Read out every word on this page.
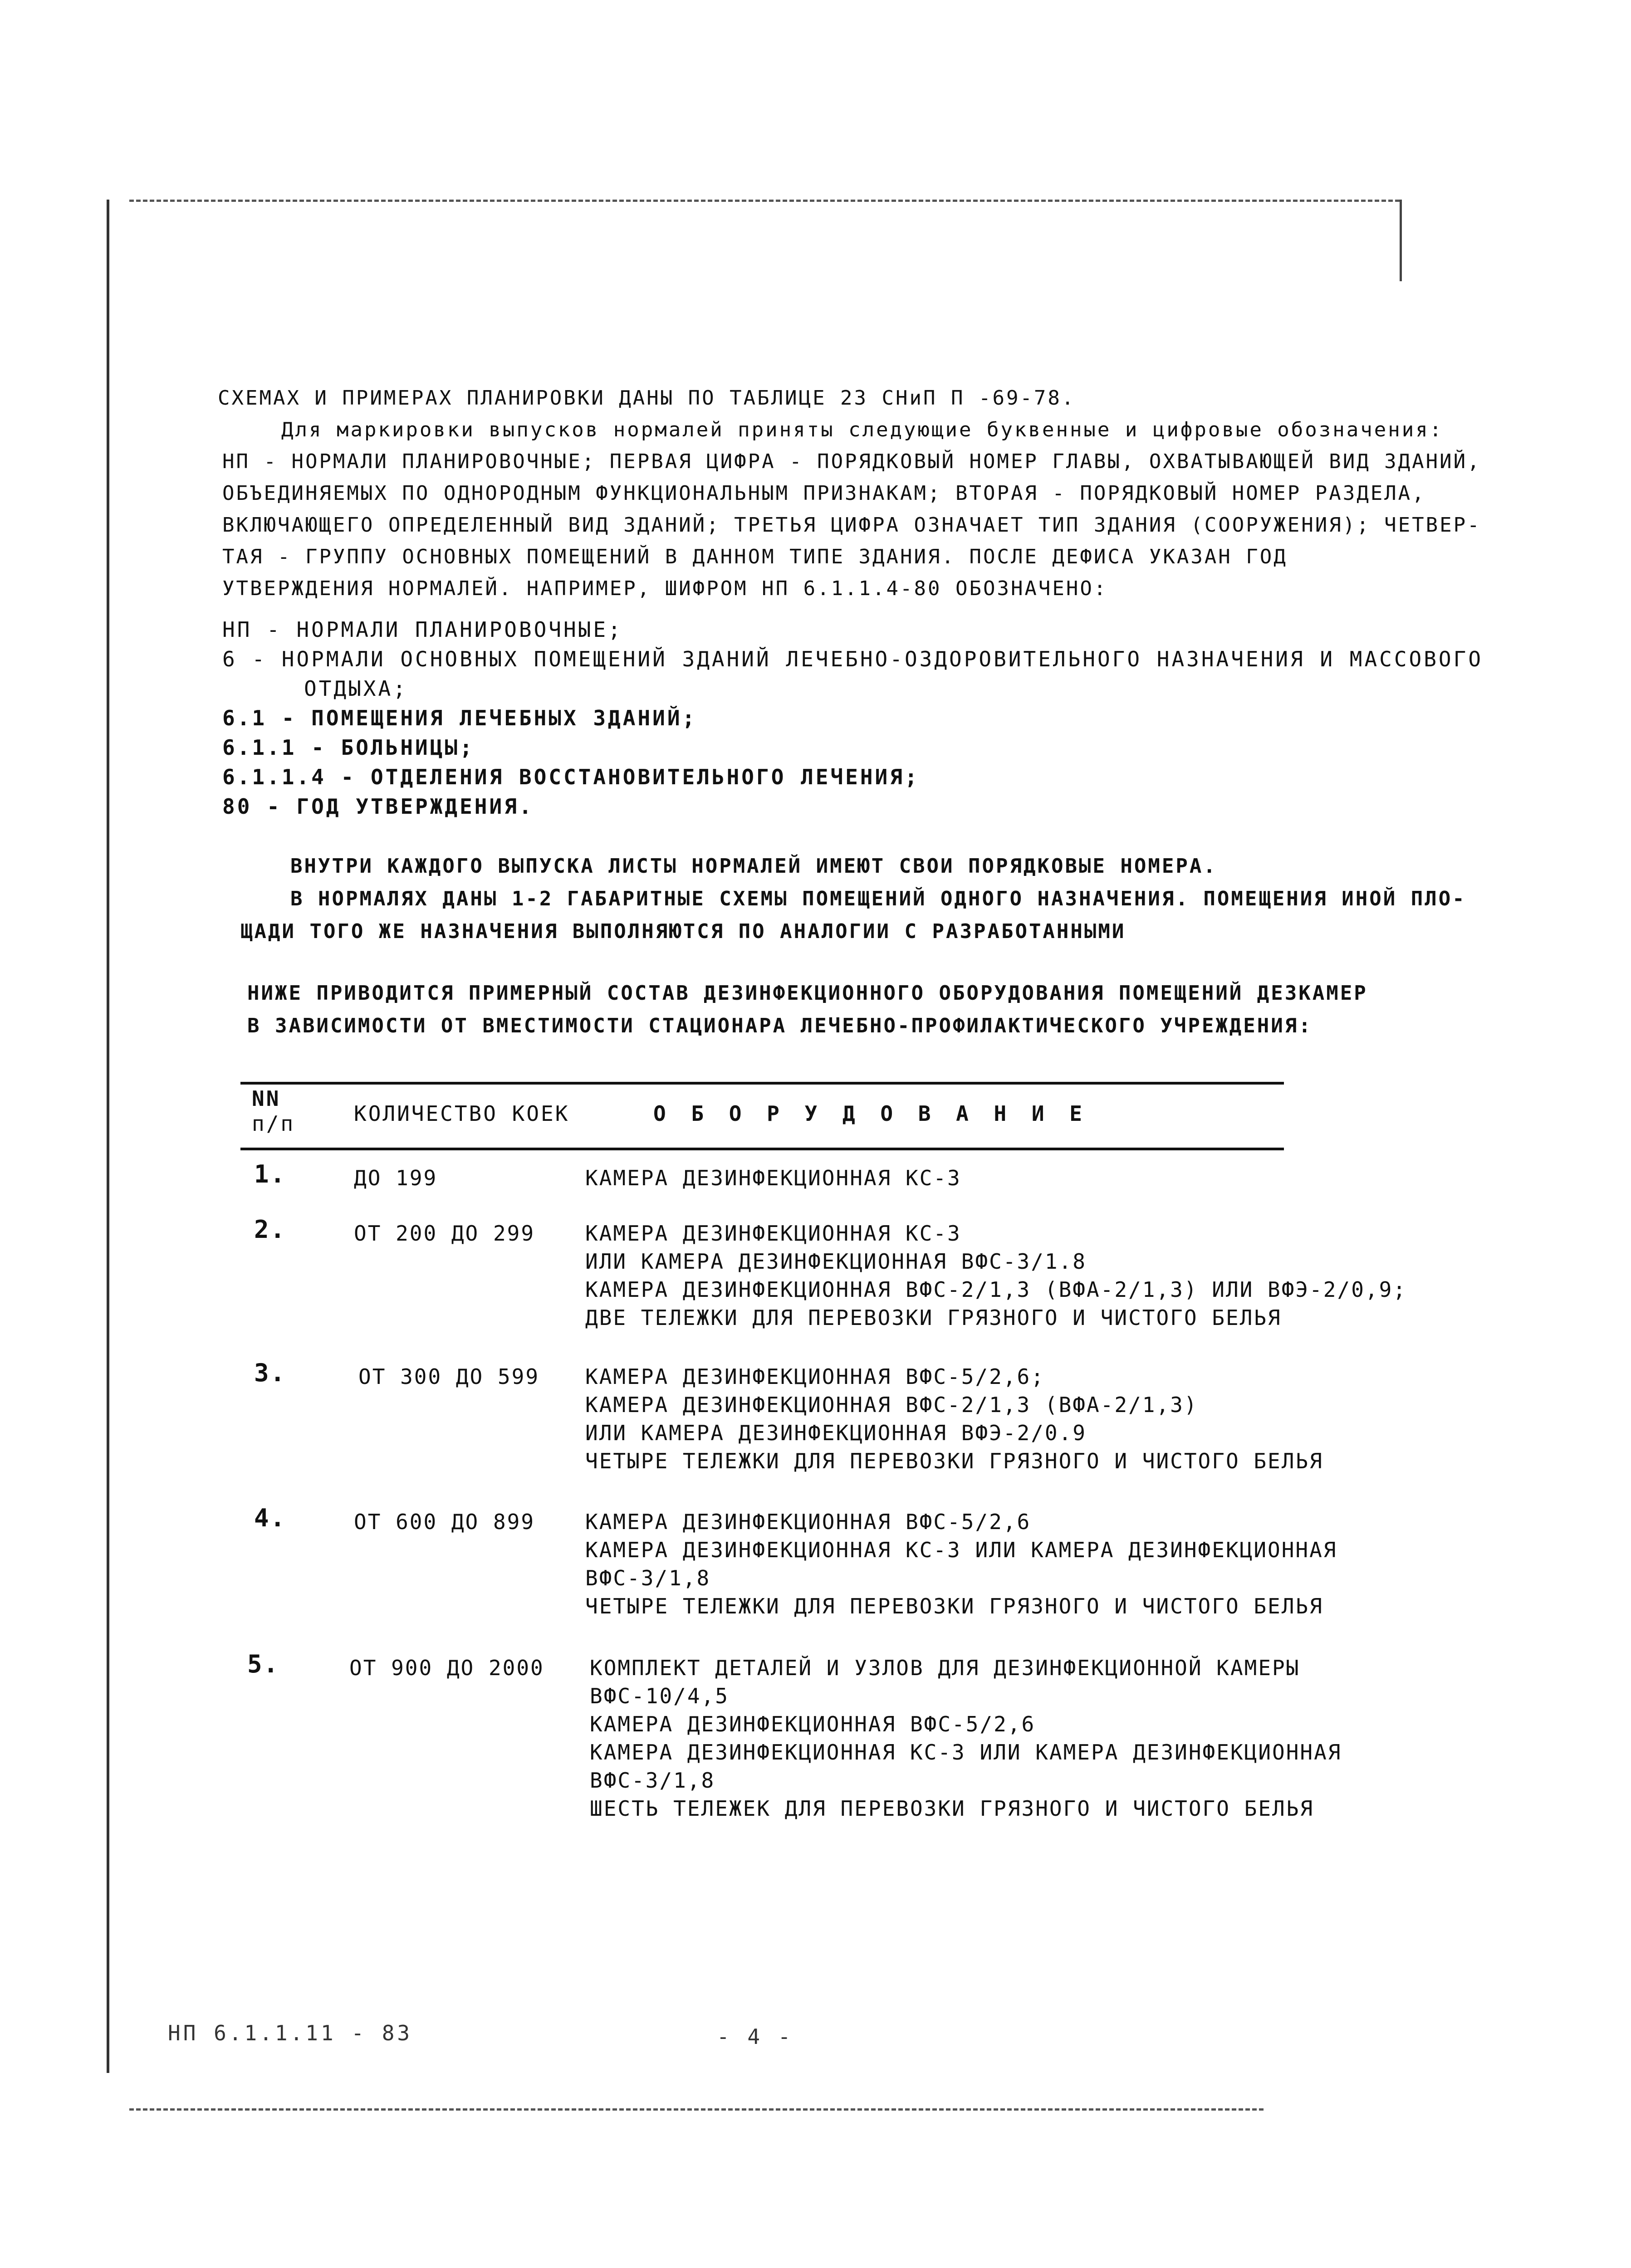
СХЕМАХ И ПРИМЕРАХ ПЛАНИРОВКИ ДАНЫ ПО ТАБЛИЦЕ 23 СНиП П -69-78.
Для маркировки выпусков нормалей приняты следующие буквенные и цифровые обозначения:
НП - НОРМАЛИ ПЛАНИРОВОЧНЫЕ; ПЕРВАЯ ЦИФРА - ПОРЯДКОВЫЙ НОМЕР ГЛАВЫ, ОХВАТЫВАЮЩЕЙ ВИД ЗДАНИЙ,
ОБЪЕДИНЯЕМЫХ ПО ОДНОРОДНЫМ ФУНКЦИОНАЛЬНЫМ ПРИЗНАКАМ; ВТОРАЯ - ПОРЯДКОВЫЙ НОМЕР РАЗДЕЛА,
ВКЛЮЧАЮЩЕГО ОПРЕДЕЛЕННЫЙ ВИД ЗДАНИЙ; ТРЕТЬЯ ЦИФРА ОЗНАЧАЕТ ТИП ЗДАНИЯ (СООРУЖЕНИЯ); ЧЕТВЕР-
ТАЯ - ГРУППУ ОСНОВНЫХ ПОМЕЩЕНИЙ В ДАННОМ ТИПЕ ЗДАНИЯ. ПОСЛЕ ДЕФИСА УКАЗАН ГОД
УТВЕРЖДЕНИЯ НОРМАЛЕЙ. НАПРИМЕР, ШИФРОМ НП 6.1.1.4-80 ОБОЗНАЧЕНО:
НП - НОРМАЛИ ПЛАНИРОВОЧНЫЕ;
6 - НОРМАЛИ ОСНОВНЫХ ПОМЕЩЕНИЙ ЗДАНИЙ ЛЕЧЕБНО-ОЗДОРОВИТЕЛЬНОГО НАЗНАЧЕНИЯ И МАССОВОГО
ОТДЫХА;
6.1 - ПОМЕЩЕНИЯ ЛЕЧЕБНЫХ ЗДАНИЙ;
6.1.1 - БОЛЬНИЦЫ;
6.1.1.4 - ОТДЕЛЕНИЯ ВОССТАНОВИТЕЛЬНОГО ЛЕЧЕНИЯ;
80 - ГОД УТВЕРЖДЕНИЯ.
ВНУТРИ КАЖДОГО ВЫПУСКА ЛИСТЫ НОРМАЛЕЙ ИМЕЮТ СВОИ ПОРЯДКОВЫЕ НОМЕРА.
В НОРМАЛЯХ ДАНЫ 1-2 ГАБАРИТНЫЕ СХЕМЫ ПОМЕЩЕНИЙ ОДНОГО НАЗНАЧЕНИЯ. ПОМЕЩЕНИЯ ИНОЙ ПЛО-
ЩАДИ ТОГО ЖЕ НАЗНАЧЕНИЯ ВЫПОЛНЯЮТСЯ ПО АНАЛОГИИ С РАЗРАБОТАННЫМИ
НИЖЕ ПРИВОДИТСЯ ПРИМЕРНЫЙ СОСТАВ ДЕЗИНФЕКЦИОННОГО ОБОРУДОВАНИЯ ПОМЕЩЕНИЙ ДЕЗКАМЕР
В ЗАВИСИМОСТИ ОТ ВМЕСТИМОСТИ СТАЦИОНАРА ЛЕЧЕБНО-ПРОФИЛАКТИЧЕСКОГО УЧРЕЖДЕНИЯ:
NN
п/п	КОЛИЧЕСТВО КОЕК	О Б О Р У Д О В А Н И Е
1.	ДО 199	КАМЕРА ДЕЗИНФЕКЦИОННАЯ КС-3
2.	ОТ 200 ДО 299 КАМЕРА ДЕЗИНФЕКЦИОННАЯ КС-3
ИЛИ КАМЕРА ДЕЗИНФЕКЦИОННАЯ ВФС-3/1.8
КАМЕРА ДЕЗИНФЕКЦИОННАЯ ВФС-2/1,3 (ВФА-2/1,3) ИЛИ ВФЭ-2/0,9;
ДВЕ ТЕЛЕЖКИ ДЛЯ ПЕРЕВОЗКИ ГРЯЗНОГО И ЧИСТОГО БЕЛЬЯ
3.	ОТ 300 ДО 599 КАМЕРА ДЕЗИНФЕКЦИОННАЯ ВФС-5/2,6;
КАМЕРА ДЕЗИНФЕКЦИОННАЯ ВФС-2/1,3 (ВФА-2/1,3)
ИЛИ КАМЕРА ДЕЗИНФЕКЦИОННАЯ ВФЭ-2/0.9
ЧЕТЫРЕ ТЕЛЕЖКИ ДЛЯ ПЕРЕВОЗКИ ГРЯЗНОГО И ЧИСТОГО БЕЛЬЯ
4.	ОТ 600 ДО 899 КАМЕРА ДЕЗИНФЕКЦИОННАЯ ВФС-5/2,6
КАМЕРА ДЕЗИНФЕКЦИОННАЯ КС-3 ИЛИ КАМЕРА ДЕЗИНФЕКЦИОННАЯ
ВФС-3/1,8
ЧЕТЫРЕ ТЕЛЕЖКИ ДЛЯ ПЕРЕВОЗКИ ГРЯЗНОГО И ЧИСТОГО БЕЛЬЯ
5.	ОТ 900 ДО 2000 КОМПЛЕКТ ДЕТАЛЕЙ И УЗЛОВ ДЛЯ ДЕЗИНФЕКЦИОННОЙ КАМЕРЫ
ВФС-10/4,5
КАМЕРА ДЕЗИНФЕКЦИОННАЯ ВФС-5/2,6
КАМЕРА ДЕЗИНФЕКЦИОННАЯ КС-3 ИЛИ КАМЕРА ДЕЗИНФЕКЦИОННАЯ
ВФС-3/1,8
ШЕСТЬ ТЕЛЕЖЕК ДЛЯ ПЕРЕВОЗКИ ГРЯЗНОГО И ЧИСТОГО БЕЛЬЯ
НП 6.1.1.11 - 83	- 4 -
